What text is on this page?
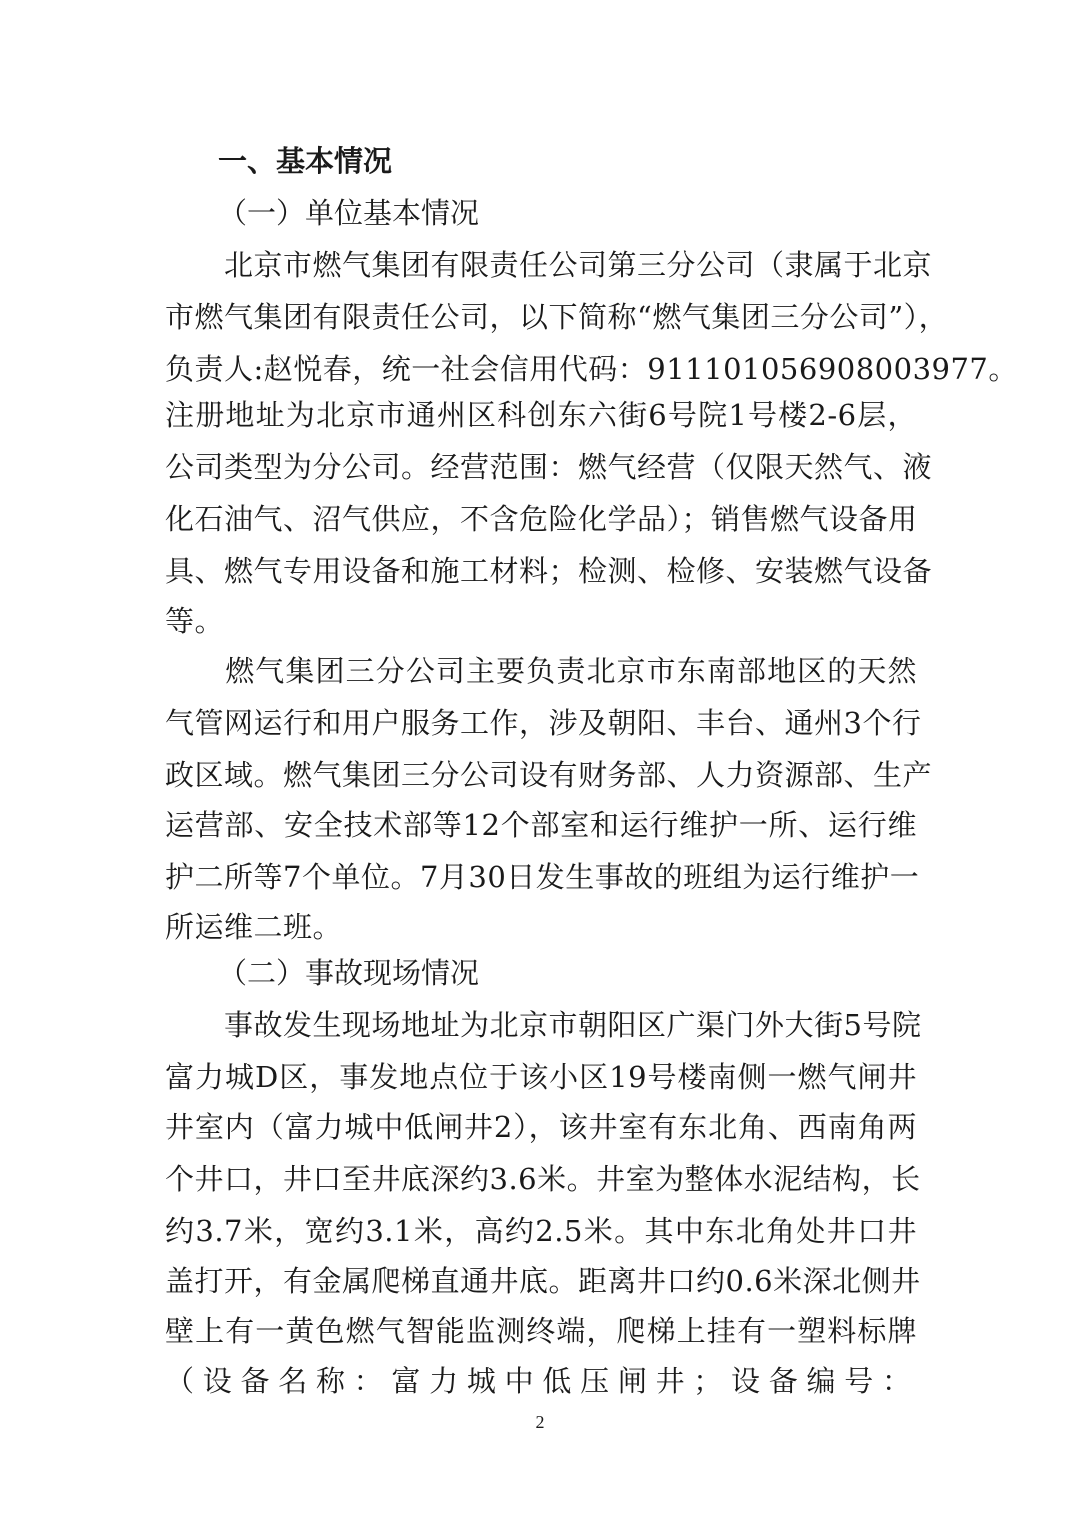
一、基本情况
（一）单位基本情况
　　北京市燃气集团有限责任公司第三分公司（隶属于北京
市燃气集团有限责任公司，以下简称“燃气集团三分公司”），
负责人:赵悦春，统一社会信用代码：911101056908003977。
注册地址为北京市通州区科创东六街6号院1号楼2-6层，
公司类型为分公司。经营范围：燃气经营（仅限天然气、液
化石油气、沼气供应，不含危险化学品）；销售燃气设备用
具、燃气专用设备和施工材料；检测、检修、安装燃气设备
等。
　　燃气集团三分公司主要负责北京市东南部地区的天然
气管网运行和用户服务工作，涉及朝阳、丰台、通州3个行
政区域。燃气集团三分公司设有财务部、人力资源部、生产
运营部、安全技术部等12个部室和运行维护一所、运行维
护二所等7个单位。7月30日发生事故的班组为运行维护一
所运维二班。
（二）事故现场情况
　　事故发生现场地址为北京市朝阳区广渠门外大街5号院
富力城D区，事发地点位于该小区19号楼南侧一燃气闸井
井室内（富力城中低闸井2），该井室有东北角、西南角两
个井口，井口至井底深约3.6米。井室为整体水泥结构，长
约3.7米，宽约3.1米，高约2.5米。其中东北角处井口井
盖打开，有金属爬梯直通井底。距离井口约0.6米深北侧井
壁上有一黄色燃气智能监测终端，爬梯上挂有一塑料标牌
（设备名称：富力城中低压闸井；设备编号：
2
